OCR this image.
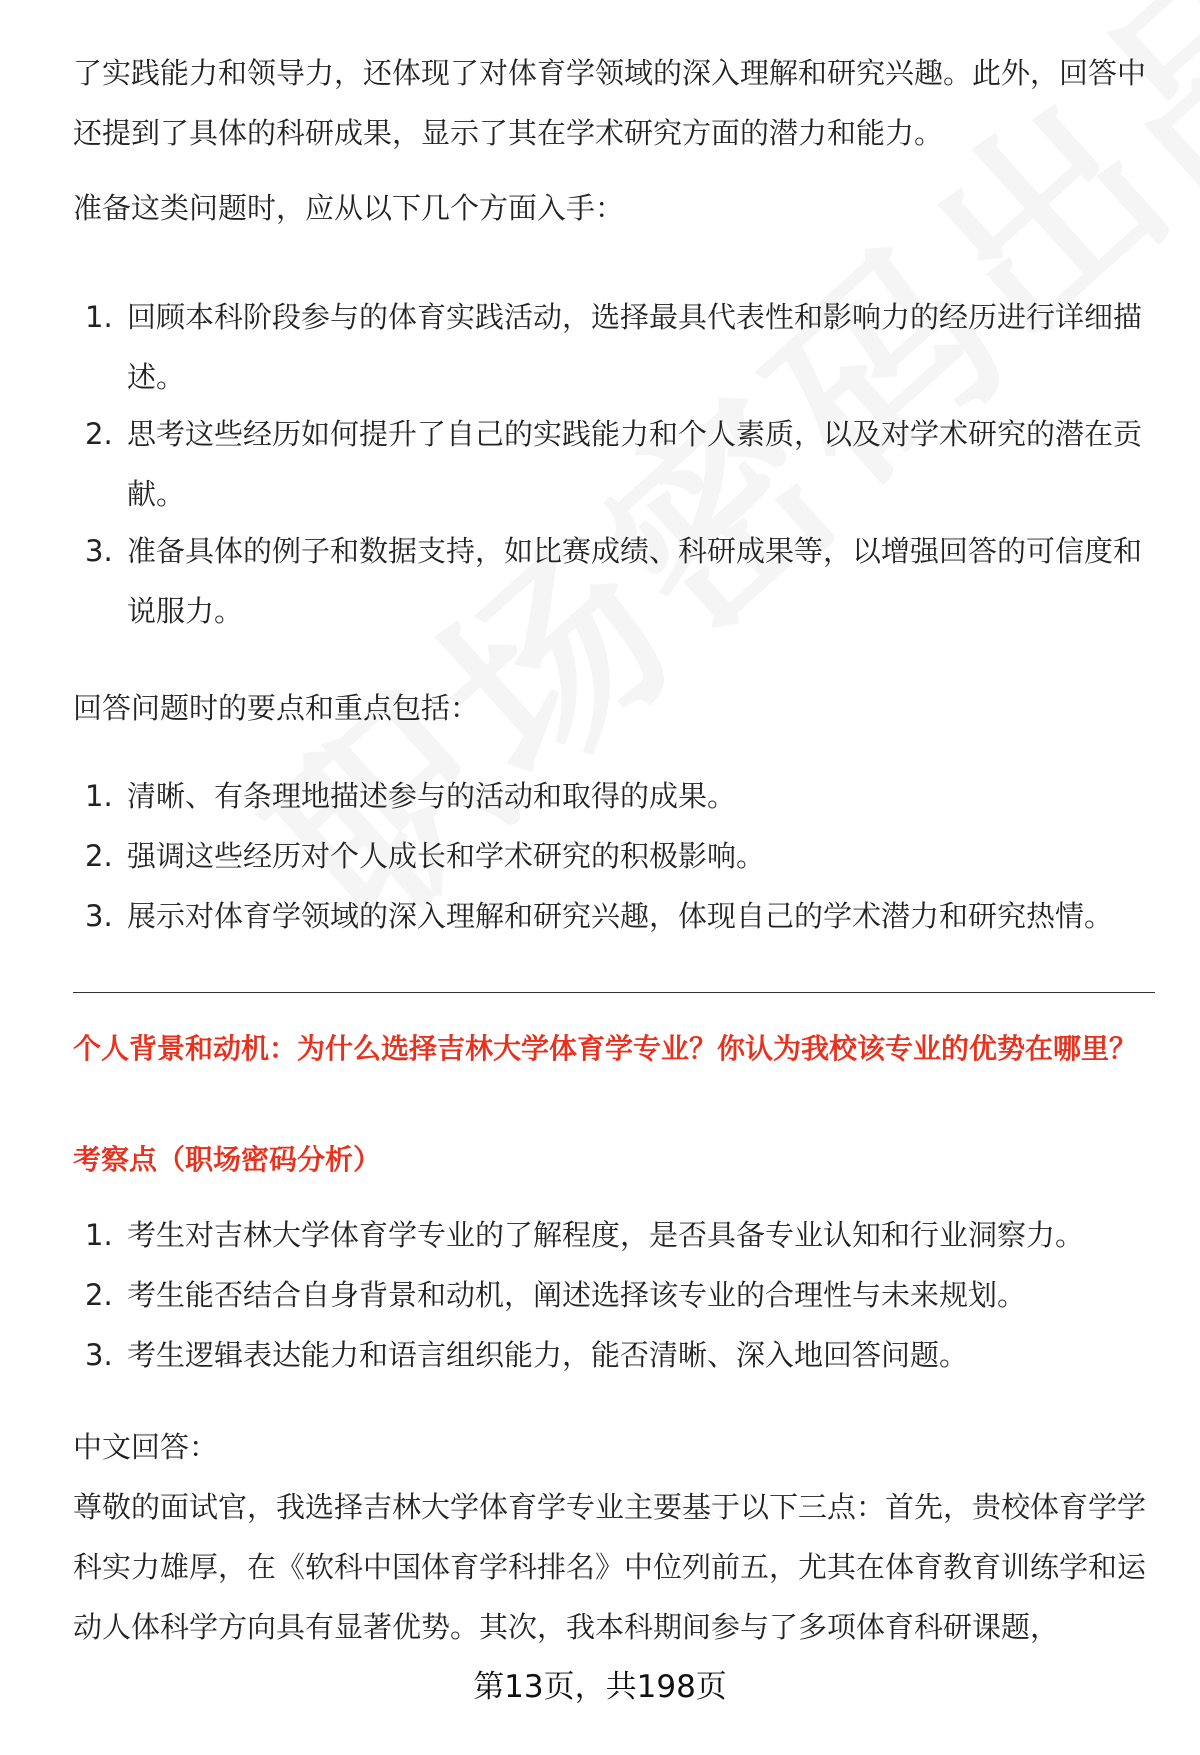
了实践能力和领导力，还体现了对体育学领域的深入理解和研究兴趣。此外，回答中还提到了具体的科研成果，显示了其在学术研究方面的潜力和能力。

准备这类问题时，应从以下几个方面入手：

1. 回顾本科阶段参与的体育实践活动，选择最具代表性和影响力的经历进行详细描述。
2. 思考这些经历如何提升了自己的实践能力和个人素质，以及对学术研究的潜在贡献。
3. 准备具体的例子和数据支持，如比赛成绩、科研成果等，以增强回答的可信度和说服力。

回答问题时的要点和重点包括：

1. 清晰、有条理地描述参与的活动和取得的成果。
2. 强调这些经历对个人成长和学术研究的积极影响。
3. 展示对体育学领域的深入理解和研究兴趣，体现自己的学术潜力和研究热情。
个人背景和动机：为什么选择吉林大学体育学专业？你认为我校该专业的优势在哪里？
考察点（职场密码分析）
1. 考生对吉林大学体育学专业的了解程度，是否具备专业认知和行业洞察力。
2. 考生能否结合自身背景和动机，阐述选择该专业的合理性与未来规划。
3. 考生逻辑表达能力和语言组织能力，能否清晰、深入地回答问题。

中文回答：

尊敬的面试官，我选择吉林大学体育学专业主要基于以下三点：首先，贵校体育学学科实力雄厚，在《软科中国体育学科排名》中位列前五，尤其在体育教育训练学和运动人体科学方向具有显著优势。其次，我本科期间参与了多项体育科研课题，

第13页，共198页
